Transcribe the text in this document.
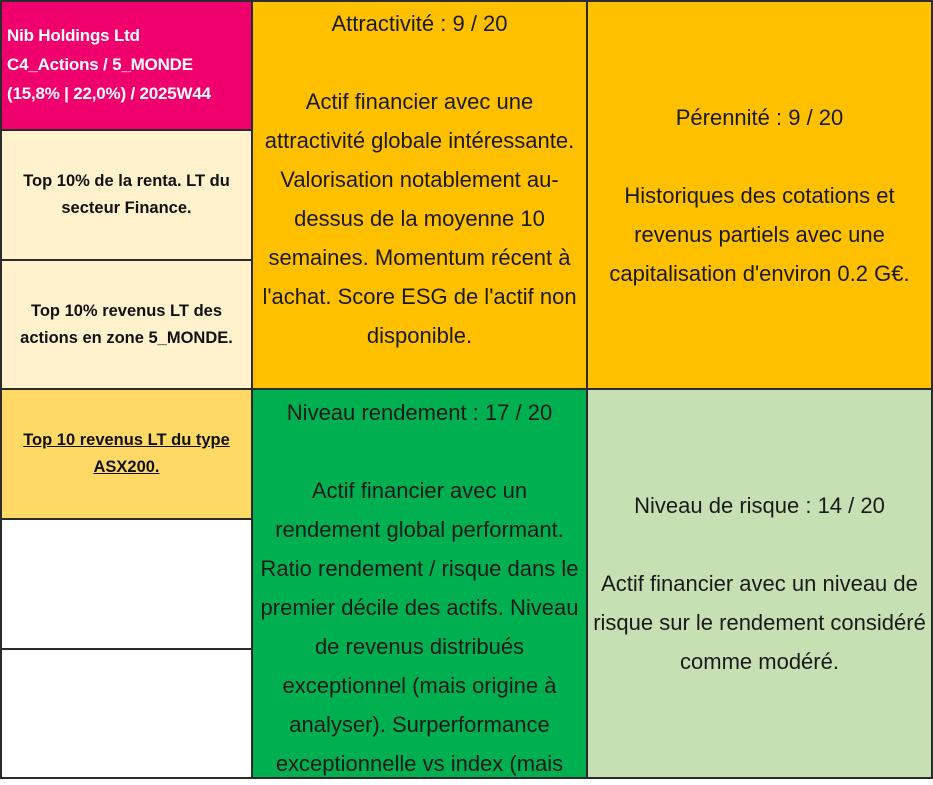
Nib Holdings Ltd
C4_Actions / 5_MONDE
(15,8% | 22,0%) / 2025W44
Top 10% de la renta. LT du secteur Finance.
Top 10% revenus LT des actions en zone 5_MONDE.
Top 10 revenus LT du type ASX200.
Attractivité : 9 / 20
Actif financier avec une attractivité globale intéressante. Valorisation notablement au-dessus de la moyenne 10 semaines. Momentum récent à l'achat. Score ESG de l'actif non disponible.
Niveau rendement : 17 / 20
Actif financier avec un rendement global performant. Ratio rendement / risque dans le premier décile des actifs. Niveau de revenus distribués exceptionnel (mais origine à analyser). Surperformance exceptionnelle vs index (mais
Pérennité : 9 / 20
Historiques des cotations et revenus partiels avec une capitalisation d'environ 0.2 G€.
Niveau de risque : 14 / 20
Actif financier avec un niveau de risque sur le rendement considéré comme modéré.
